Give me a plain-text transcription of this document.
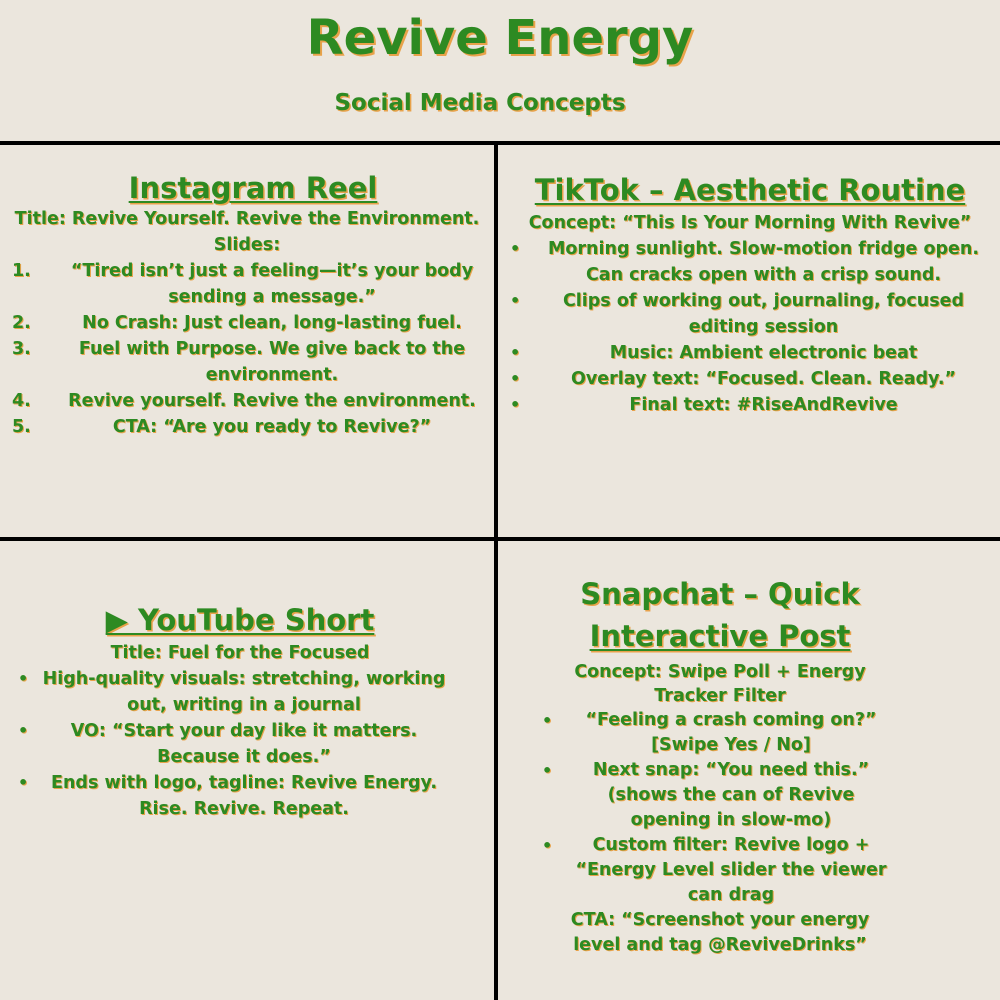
Revive Energy
Social Media Concepts
Instagram Reel
Title: Revive Yourself. Revive the Environment.
Slides:
1. “Tired isn’t just a feeling—it’s your body sending a message.”
2.	No Crash: Just clean, long-lasting fuel.
3.	Fuel with Purpose. We give back to the environment.
4. Revive yourself. Revive the environment.
5.	CTA: “Are you ready to Revive?”
TikTok – Aesthetic Routine
Concept: “This Is Your Morning With Revive”
• Morning sunlight. Slow-motion fridge open. Can cracks open with a crisp sound.
• Clips of working out, journaling, focused editing session
•	Music: Ambient electronic beat
•	Overlay text: “Focused. Clean. Ready.”
•	Final text: #RiseAndRevive
▶ YouTube Short
Title: Fuel for the Focused
• High-quality visuals: stretching, working out, writing in a journal
• VO: “Start your day like it matters. Because it does.”
• Ends with logo, tagline: Revive Energy. Rise. Revive. Repeat.
Snapchat – Quick
Interactive Post
Concept: Swipe Poll + Energy Tracker Filter
• “Feeling a crash coming on?” [Swipe Yes / No]
• Next snap: “You need this.” (shows the can of Revive opening in slow-mo)
• Custom filter: Revive logo + “Energy Level slider the viewer can drag
CTA: “Screenshot your energy level and tag @ReviveDrinks”
